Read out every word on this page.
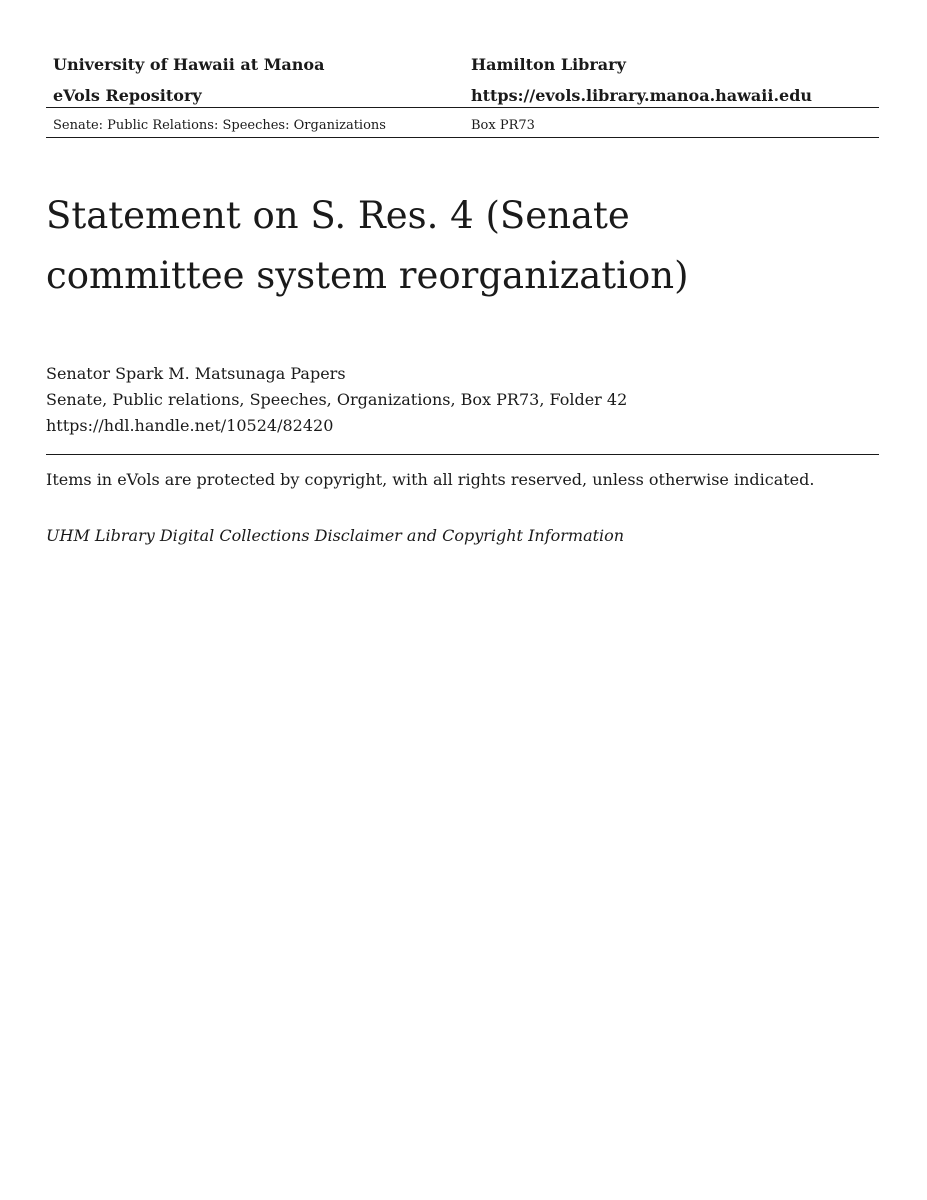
University of Hawaii at Manoa	Hamilton Library
eVols Repository	https://evols.library.manoa.hawaii.edu
Senate: Public Relations: Speeches: Organizations	Box PR73
Statement on S. Res. 4 (Senate committee system reorganization)
Senator Spark M. Matsunaga Papers
Senate, Public relations, Speeches, Organizations, Box PR73, Folder 42
https://hdl.handle.net/10524/82420
Items in eVols are protected by copyright, with all rights reserved, unless otherwise indicated.
UHM Library Digital Collections Disclaimer and Copyright Information
